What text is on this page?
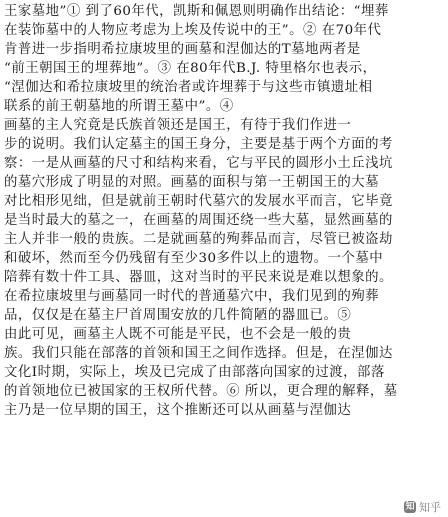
王家墓地”① 到了60年代，凯斯和佩恩则明确作出结论：“埋葬
在装饰墓中的人物应考虑为上埃及传说中的王”。② 在70年代
肯普进一步指明希拉康坡里的画墓和涅伽达的T墓地两者是
“前王朝国王的埋葬地”。③ 在80年代B.J. 特里格尔也表示，
“涅伽达和希拉康坡里的统治者或许埋葬于与这些市镇遗址相
联系的前王朝墓地的所谓王墓中”。④
画墓的主人究竟是氏族首领还是国王，有待于我们作进一
步的说明。我们认定墓主的国王身分，主要是基于两个方面的考
察：一是从画墓的尺寸和结构来看，它与平民的圆形小土丘浅坑
的墓穴形成了明显的对照。画墓的面积与第一王朝国王的大墓
对比相形见绌，但是就前王朝时代墓穴的发展水平而言，它毕竟
是当时最大的墓之一，在画墓的周围还绕一些大墓，显然画墓的
主人并非一般的贵族。二是就画墓的殉葬品而言，尽管已被盗劫
和破坏，然而至今仍残留有至少30多件以上的遗物。一个墓中
陪葬有数十件工具、器皿，这对当时的平民来说是难以想象的。
在希拉康坡里与画墓同一时代的普通墓穴中，我们见到的殉葬
品，仅仅是在墓主尸首周围安放的几件简陋的器皿已。⑤
由此可见，画墓主人既不可能是平民，也不会是一般的贵
族。我们只能在部落的首领和国王之间作选择。但是，在涅伽达
文化Ⅰ时期，实际上，埃及已完成了由部落向国家的过渡，部落
的首领地位已被国家的王权所代替。⑥ 所以，更合理的解释，墓
主乃是一位早期的国王，这个推断还可以从画墓与涅伽达
知 知乎
